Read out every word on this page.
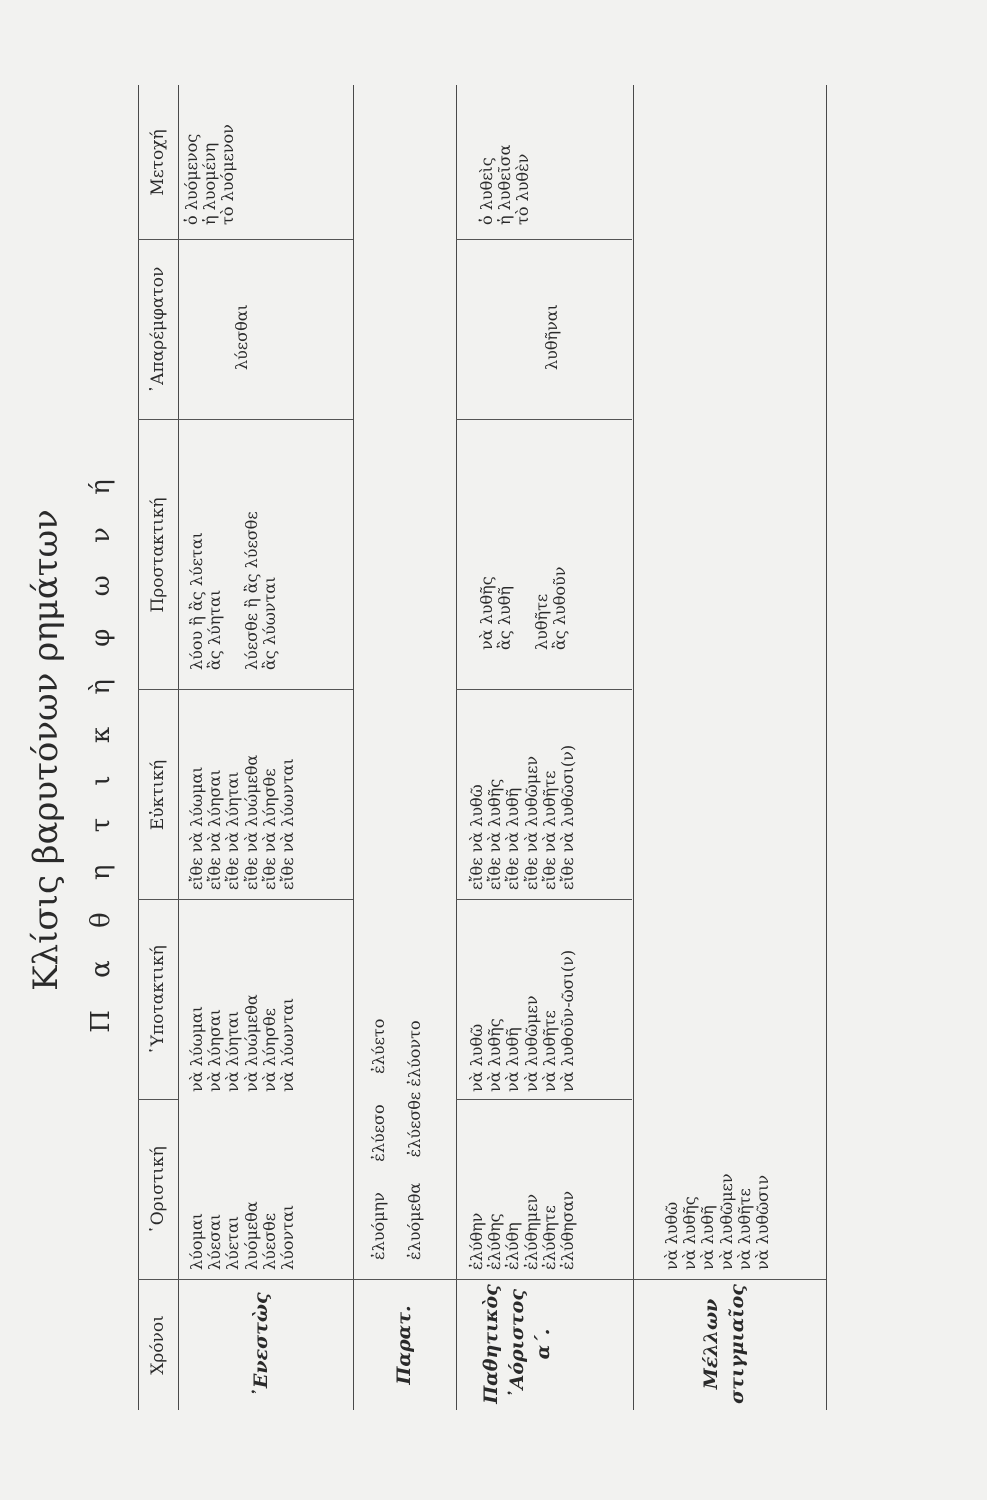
Κλίσις βαρυτόνων ρημάτων Π α θ η τ ι κ ὴ φ ω ν ή
Χρόνοι
῾Οριστική
῾Υποτακτική
Εὐκτική
Προστακτική
᾿Απαρέμφατον
Μετοχή
᾿Ενεστὼς
λύομαι
λύεσαι
λύεται
λυόμεθα
λύεσθε
λύονται
νὰ λύωμαι
νὰ λύησαι
νὰ λύηται
νὰ λυώμεθα
νὰ λύησθε
νὰ λύωνται
εἴθε νὰ λύωμαι
εἴθε νὰ λύησαι
εἴθε νὰ λύηται
εἴθε νὰ λυώμεθα
εἴθε νὰ λύησθε
εἴθε νὰ λύωνται
λύου ἢ ἂς λύεται
ἂς λύηται

λύεσθε ἢ ἂς λύεσθε
ἂς λύωνται
λύεσθαι
ὁ λυόμενος
ἡ λυομένη
τὸ λυόμενον
Παρατ.
ἐλυόμην      ἐλύεσο      ἐλύετο

ἐλυόμεθα     ἐλύεσθε ἐλύοντο
Παθητικὸς ᾿Αόριστος α΄.
ἐλύθην
ἐλύθης
ἐλύθη
ἐλύθημεν
ἐλύθητε
ἐλύθησαν
νὰ λυθῶ
νὰ λυθῆς
νὰ λυθῆ
νὰ λυθῶμεν
νὰ λυθῆτε
νὰ λυθοῦν-ῶσι(ν)
εἴθε νὰ λυθῶ
εἴθε νὰ λυθῆς
εἴθε νὰ λυθῆ
εἴθε νὰ λυθῶμεν
εἴθε νὰ λυθῆτε
εἴθε νὰ λυθῶσι(ν)
νὰ λυθῆς
ἂς λυθῆ

λυθῆτε
ἂς λυθοῦν
λυθῆναι
ὁ λυθεὶς
ἡ λυθεῖσα
τὸ λυθὲν
Μέλλων στιγμιαῖος
νὰ λυθῶ
νὰ λυθῆς
νὰ λυθῆ
νὰ λυθῶμεν
νὰ λυθῆτε
νὰ λυθῶσιν
